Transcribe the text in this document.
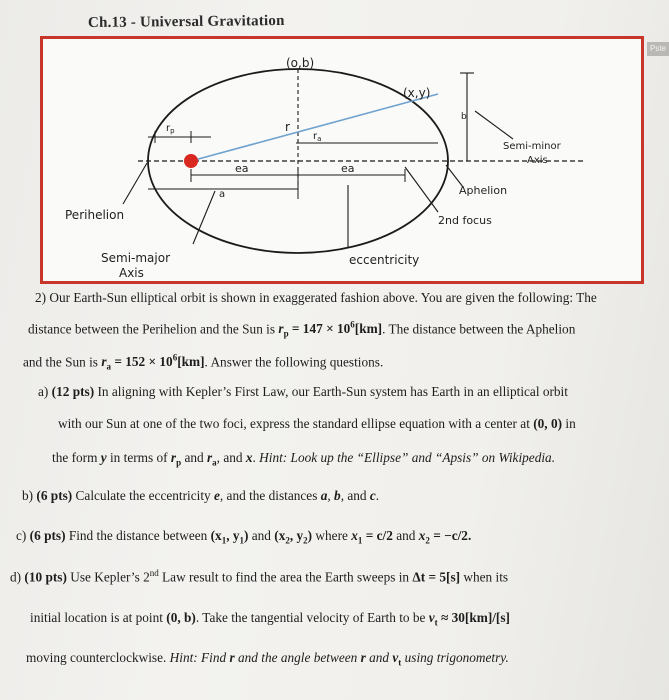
Ch.13 - Universal Gravitation
Pste
(o,b)
(x,y)
r
$r_p$	$r_a$
b
ea	ea
a
Semi-minor
Axis
Aphelion
2nd focus
Perihelion
Semi-major
Axis
eccentricity
2) Our Earth-Sun elliptical orbit is shown in exaggerated fashion above. You are given the following: The
distance between the Perihelion and the Sun is $r_p = 147 \times 10^6[km]$. The distance between the Aphelion
and the Sun is $r_a = 152 \times 10^6[km]$. Answer the following questions.
a) (12 pts) In aligning with Kepler’s First Law, our Earth-Sun system has Earth in an elliptical orbit
with our Sun at one of the two foci, express the standard ellipse equation with a center at (0, 0) in
the form y in terms of $r_p$ and $r_a$, and x. Hint: Look up the “Ellipse” and “Apsis” on Wikipedia.
b) (6 pts) Calculate the eccentricity e, and the distances a, b, and c.
c) (6 pts) Find the distance between ($x_1$, $y_1$) and ($x_2$, $y_2$) where $x_1 = c/2$ and $x_2 = -c/2$.
d) (10 pts) Use Kepler’s 2nd Law result to find the area the Earth sweeps in Δt = 5[s] when its
initial location is at point (0, b). Take the tangential velocity of Earth to be $v_t \approx 30[km]/[s]$
moving counterclockwise. Hint: Find r and the angle between r and $v_t$ using trigonometry.
